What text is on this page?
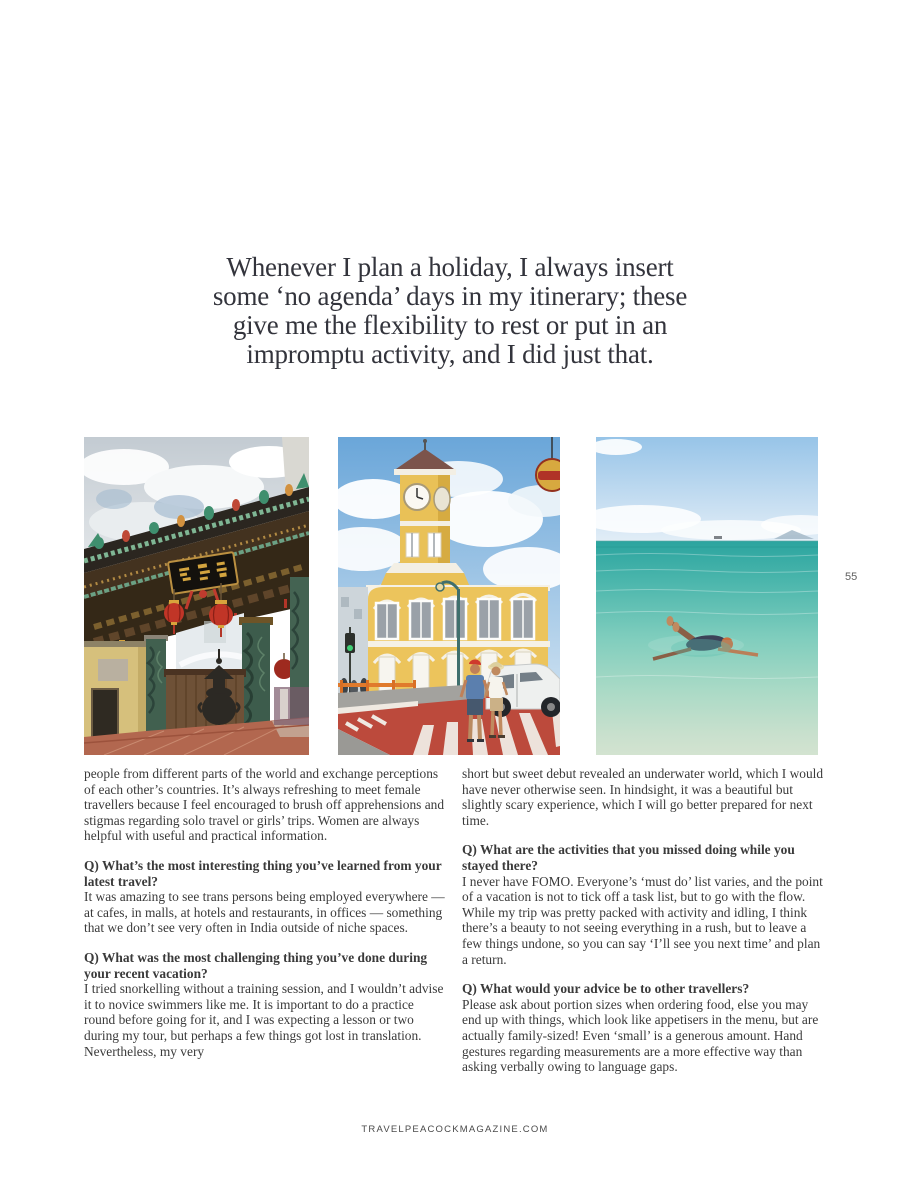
Whenever I plan a holiday, I always insert
some ‘no agenda’ days in my itinerary; these
give me the flexibility to rest or put in an
impromptu activity, and I did just that.
55

people from different parts of the world and exchange perceptions of each other’s countries. It’s always refreshing to meet female travellers because I feel encouraged to brush off apprehensions and stigmas regarding solo travel or girls’ trips. Women are always helpful with useful and practical information.

Q) What’s the most interesting thing you’ve learned from your latest travel?
It was amazing to see trans persons being employed everywhere — at cafes, in malls, at hotels and restaurants, in offices — something that we don’t see very often in India outside of niche spaces.
Q) What was the most challenging thing you’ve done during your recent vacation?
I tried snorkelling without a training session, and I wouldn’t advise it to novice swimmers like me. It is important to do a practice round before going for it, and I was expecting a lesson or two during my tour, but perhaps a few things got lost in translation. Nevertheless, my very

short but sweet debut revealed an underwater world, which I would have never otherwise seen. In hindsight, it was a beautiful but slightly scary experience, which I will go better prepared for next time.

Q) What are the activities that you missed doing while you stayed there?
I never have FOMO. Everyone’s ‘must do’ list varies, and the point of a vacation is not to tick off a task list, but to go with the flow. While my trip was pretty packed with activity and idling, I think there’s a beauty to not seeing everything in a rush, but to leave a few things undone, so you can say ‘I’ll see you next time’ and plan a return.
Q) What would your advice be to other travellers?
Please ask about portion sizes when ordering food, else you may end up with things, which look like appetisers in the menu, but are actually family-sized! Even ‘small’ is a generous amount. Hand gestures regarding measurements are a more effective way than asking verbally owing to language gaps.
TRAVELPEACOCKMAGAZINE.COM
